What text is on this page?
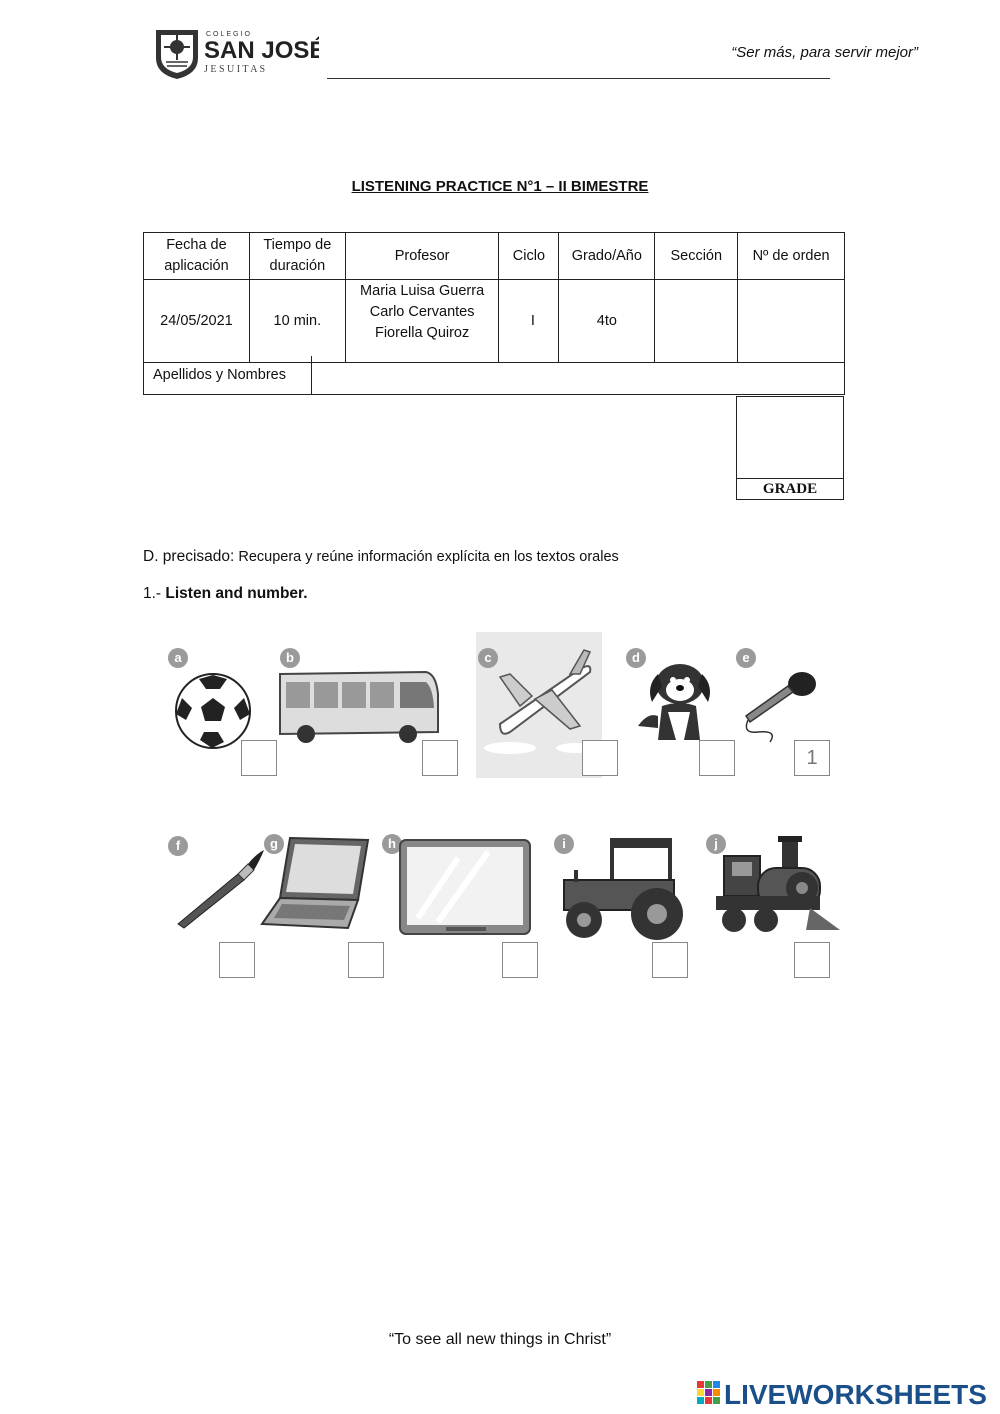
COLEGIO
SAN JOSÉ
J E S U I T A S
“Ser más, para servir mejor”
LISTENING PRACTICE N°1 – II BIMESTRE
Fecha de aplicación	Tiempo de duración	Profesor	Ciclo	Grado/Año	Sección	Nº de orden
24/05/2021	10 min.	Maria Luisa Guerra
Carlo Cervantes
Fiorella Quiroz	I	4to		
Apellidos y Nombres
GRADE
D. precisado: Recupera y reúne información explícita en los textos orales
1.- Listen and number.
a	b	c	d	e
1
f	g	h	i	j
“To see all new things in Christ”
LIVEWORKSHEETS
